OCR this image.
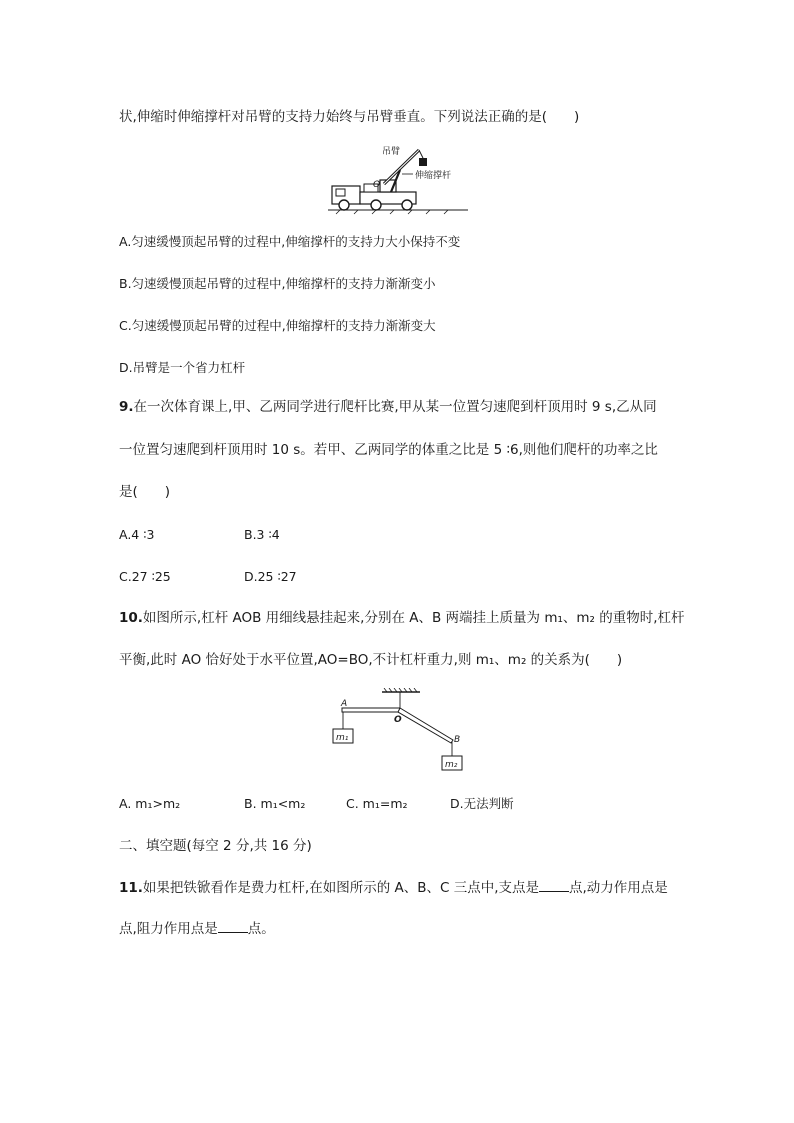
状,伸缩时伸缩撑杆对吊臂的支持力始终与吊臂垂直。下列说法正确的是(　　)
吊臂
O
伸缩撑杆
A.匀速缓慢顶起吊臂的过程中,伸缩撑杆的支持力大小保持不变
B.匀速缓慢顶起吊臂的过程中,伸缩撑杆的支持力渐渐变小
C.匀速缓慢顶起吊臂的过程中,伸缩撑杆的支持力渐渐变大
D.吊臂是一个省力杠杆
9.在一次体育课上,甲、乙两同学进行爬杆比赛,甲从某一位置匀速爬到杆顶用时 9 s,乙从同
一位置匀速爬到杆顶用时 10 s。若甲、乙两同学的体重之比是 5 ∶6,则他们爬杆的功率之比
是(　　)
A.4 ∶3	B.3 ∶4
C.27 ∶25	D.25 ∶27
10.如图所示,杠杆 AOB 用细线悬挂起来,分别在 A、B 两端挂上质量为 m₁、m₂ 的重物时,杠杆
平衡,此时 AO 恰好处于水平位置,AO=BO,不计杠杆重力,则 m₁、m₂ 的关系为(　　)
A
O
B
m₁
m₂
A. m₁>m₂	B. m₁<m₂	C. m₁=m₂	D.无法判断
二、填空题(每空 2 分,共 16 分)
11.如果把铁锨看作是费力杠杆,在如图所示的 A、B、C 三点中,支点是 点,动力作用点是
点,阻力作用点是 点。
